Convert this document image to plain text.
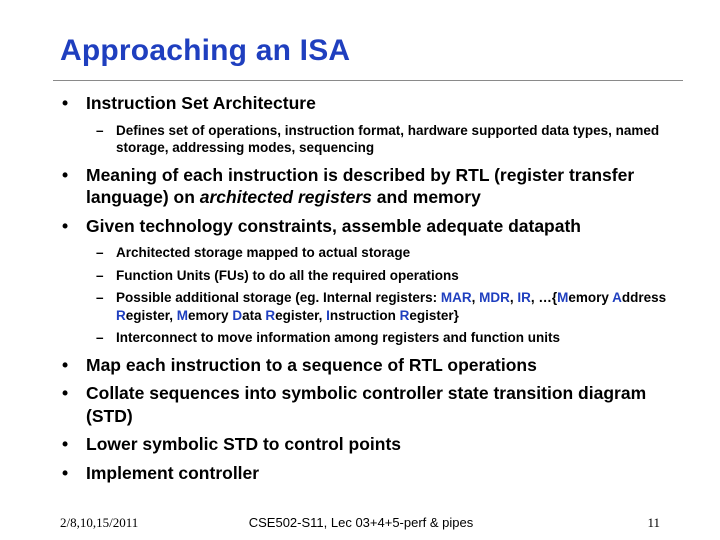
Approaching an ISA
• Instruction Set Architecture
– Defines set of operations, instruction format, hardware supported data types, named storage, addressing modes, sequencing
• Meaning of each instruction is described by RTL (register transfer language) on architected registers and memory
• Given technology constraints, assemble adequate datapath
– Architected storage mapped to actual storage
– Function Units (FUs) to do all the required operations
– Possible additional storage (eg. Internal registers: MAR, MDR, IR, …{Memory Address Register, Memory Data Register, Instruction Register}
– Interconnect to move information among registers and function units
• Map each instruction to a sequence of RTL operations
• Collate sequences into symbolic controller state transition diagram (STD)
• Lower symbolic STD to control points
• Implement controller
2/8,10,15/2011	CSE502-S11, Lec 03+4+5-perf & pipes	11
